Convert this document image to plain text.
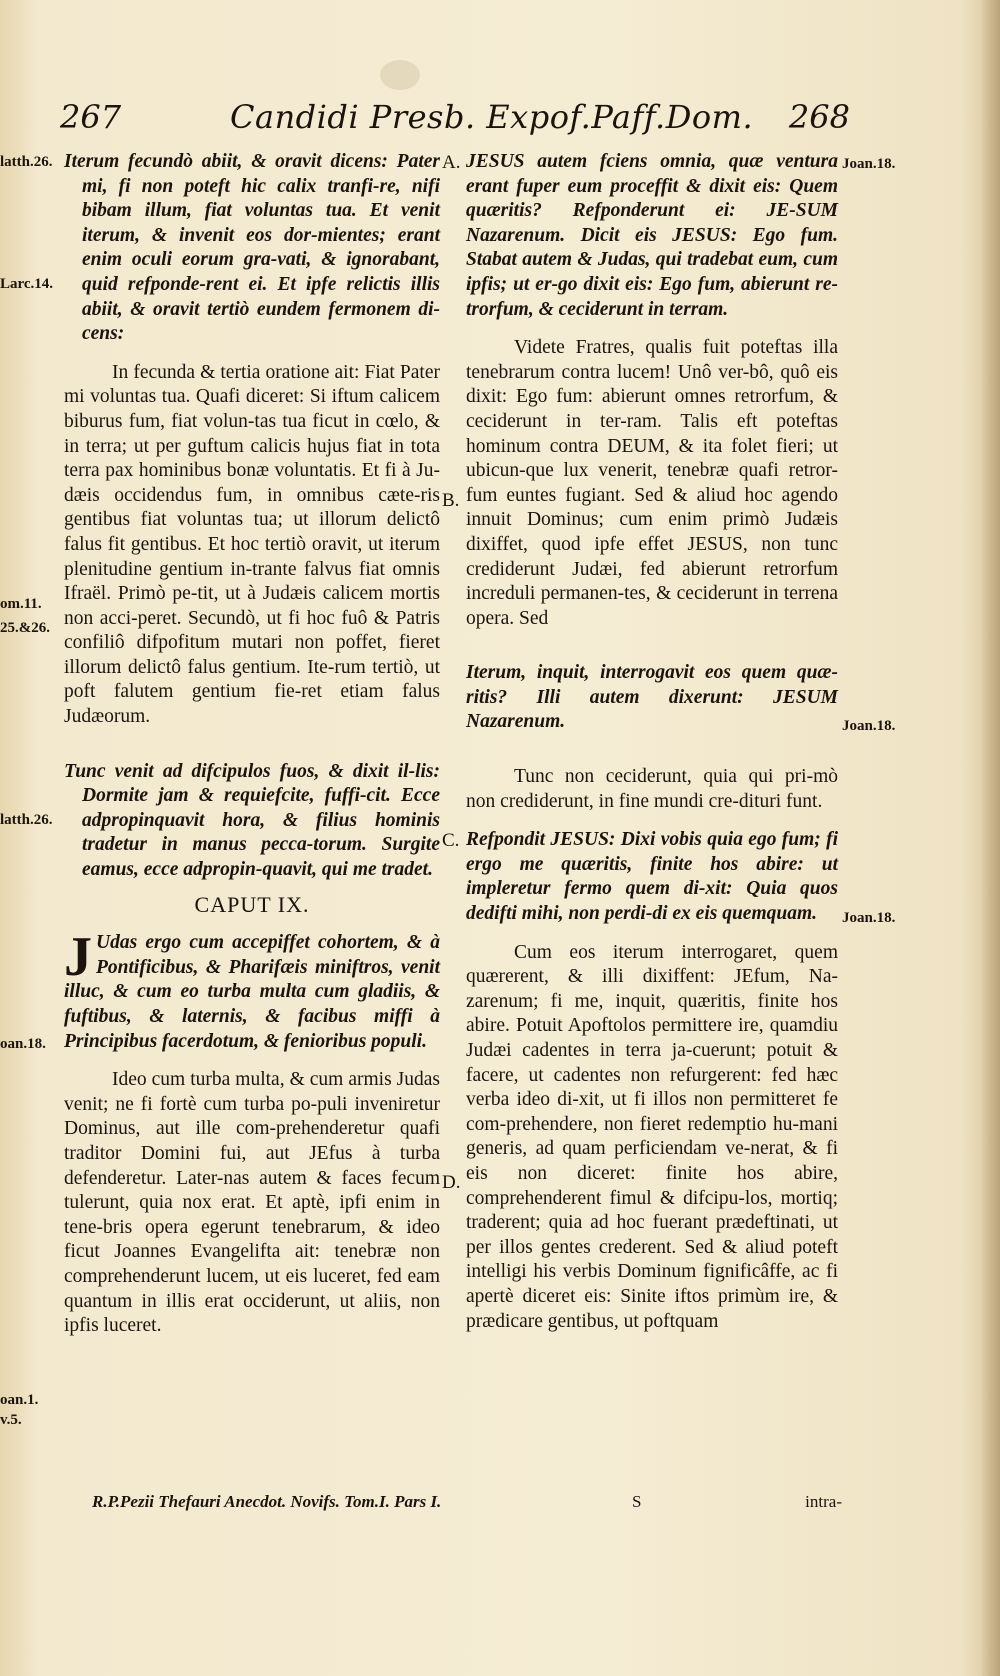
267	Candidi Presb. Expof.Paff.Dom. 268
latth.26.
Larc.14.
om.11.
25.&26.
latth.26.
oan.18.
oan.1.
v.5.
Joan.18.
Joan.18.
Joan.18.
A.
B.
C.
D.

Iterum fecundò abiit, & oravit dicens: Pater mi, fi non poteft hic calix tranfi-re, nifi bibam illum, fiat voluntas tua. Et venit iterum, & invenit eos dor-mientes; erant enim oculi eorum gra-vati, & ignorabant, quid refponde-rent ei. Et ipfe relictis illis abiit, & oravit tertiò eundem fermonem di-cens:

In fecunda & tertia oratione ait: Fiat Pater mi voluntas tua. Quafi diceret: Si iftum calicem biburus fum, fiat volun-tas tua ficut in cœlo, & in terra; ut per guftum calicis hujus fiat in tota terra pax hominibus bonæ voluntatis. Et fi à Ju-dæis occidendus fum, in omnibus cæte-ris gentibus fiat voluntas tua; ut illorum delictô falus fit gentibus. Et hoc tertiò oravit, ut iterum plenitudine gentium in-trante falvus fiat omnis Ifraël. Primò pe-tit, ut à Judæis calicem mortis non acci-peret. Secundò, ut fi hoc fuô & Patris confiliô difpofitum mutari non poffet, fieret illorum delictô falus gentium. Ite-rum tertiò, ut poft falutem gentium fie-ret etiam falus Judæorum.

Tunc venit ad difcipulos fuos, & dixit il-lis: Dormite jam & requiefcite, fuffi-cit. Ecce adpropinquavit hora, & filius hominis tradetur in manus pecca-torum. Surgite eamus, ecce adpropin-quavit, qui me tradet.

CAPUT IX.

J Udas ergo cum accepiffet cohortem, & à Pontificibus, & Pharifæis miniftros, venit illuc, & cum eo turba multa cum gladiis, & fuftibus, & laternis, & facibus miffi à Principibus facerdotum, & fenioribus populi.

Ideo cum turba multa, & cum armis Judas venit; ne fi fortè cum turba po-puli inveniretur Dominus, aut ille com-prehenderetur quafi traditor Domini fui, aut JEfus à turba defenderetur. Later-nas autem & faces fecum tulerunt, quia nox erat. Et aptè, ipfi enim in tene-bris opera egerunt tenebrarum, & ideo ficut Joannes Evangelifta ait: tenebræ non comprehenderunt lucem, ut eis luceret, fed eam quantum in illis erat occiderunt, ut aliis, non ipfis luceret.

JESUS autem fciens omnia, quæ ventura erant fuper eum proceffit & dixit eis: Quem quæritis? Refponderunt ei: JE-SUM Nazarenum. Dicit eis JESUS: Ego fum. Stabat autem & Judas, qui tradebat eum, cum ipfis; ut er-go dixit eis: Ego fum, abierunt re-trorfum, & ceciderunt in terram.

Videte Fratres, qualis fuit poteftas illa tenebrarum contra lucem! Unô ver-bô, quô eis dixit: Ego fum: abierunt omnes retrorfum, & ceciderunt in ter-ram. Talis eft poteftas hominum contra DEUM, & ita folet fieri; ut ubicun-que lux venerit, tenebræ quafi retror-fum euntes fugiant. Sed & aliud hoc agendo innuit Dominus; cum enim primò Judæis dixiffet, quod ipfe effet JESUS, non tunc crediderunt Judæi, fed abierunt retrorfum increduli permanen-tes, & ceciderunt in terrena opera. Sed

Iterum, inquit, interrogavit eos quem quæ-ritis? Illi autem dixerunt: JESUM Nazarenum.

Tunc non ceciderunt, quia qui pri-mò non crediderunt, in fine mundi cre-dituri funt.

Refpondit JESUS: Dixi vobis quia ego fum; fi ergo me quæritis, finite hos abire: ut impleretur fermo quem di-xit: Quia quos dedifti mihi, non perdi-di ex eis quemquam.

Cum eos iterum interrogaret, quem quærerent, & illi dixiffent: JEfum, Na-zarenum; fi me, inquit, quæritis, finite hos abire. Potuit Apoftolos permittere ire, quamdiu Judæi cadentes in terra ja-cuerunt; potuit & facere, ut cadentes non refurgerent: fed hæc verba ideo di-xit, ut fi illos non permitteret fe com-prehendere, non fieret redemptio hu-mani generis, ad quam perficiendam ve-nerat, & fi eis non diceret: finite hos abire, comprehenderent fimul & difcipu-los, mortiq; traderent; quia ad hoc fuerant prædeftinati, ut per illos gentes crederent. Sed & aliud poteft intelligi his verbis Dominum fignificâffe, ac fi apertè diceret eis: Sinite iftos primùm ire, & prædicare gentibus, ut poftquam

R.P.Pezii Thefauri Anecdot. Novifs. Tom.I. Pars I.	S	intra-
